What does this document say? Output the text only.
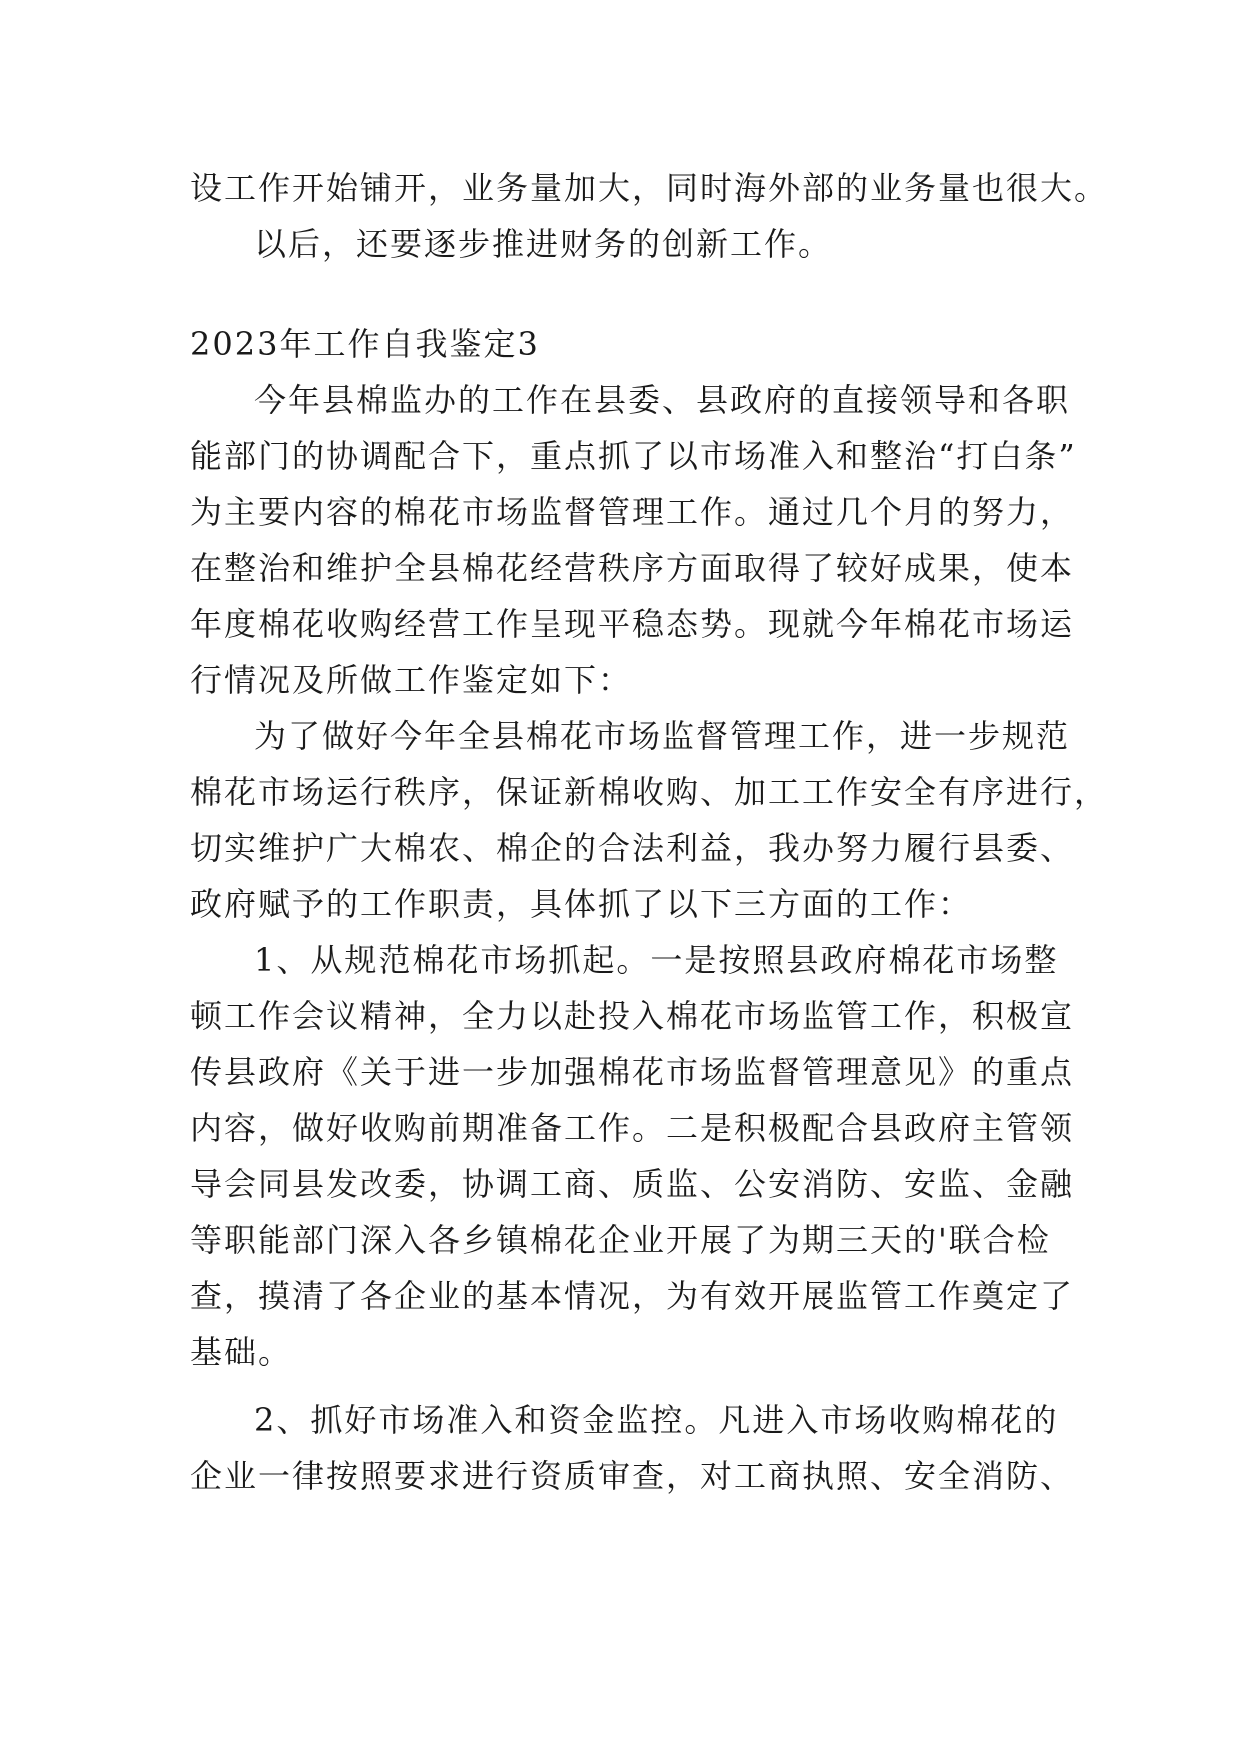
设工作开始铺开，业务量加大，同时海外部的业务量也很大。
以后，还要逐步推进财务的创新工作。
2023年工作自我鉴定3
今年县棉监办的工作在县委、县政府的直接领导和各职
能部门的协调配合下，重点抓了以市场准入和整治“打白条”
为主要内容的棉花市场监督管理工作。通过几个月的努力，
在整治和维护全县棉花经营秩序方面取得了较好成果，使本
年度棉花收购经营工作呈现平稳态势。现就今年棉花市场运
行情况及所做工作鉴定如下：
为了做好今年全县棉花市场监督管理工作，进一步规范
棉花市场运行秩序，保证新棉收购、加工工作安全有序进行，
切实维护广大棉农、棉企的合法利益，我办努力履行县委、
政府赋予的工作职责，具体抓了以下三方面的工作：
1、从规范棉花市场抓起。一是按照县政府棉花市场整
顿工作会议精神，全力以赴投入棉花市场监管工作，积极宣
传县政府《关于进一步加强棉花市场监督管理意见》的重点
内容，做好收购前期准备工作。二是积极配合县政府主管领
导会同县发改委，协调工商、质监、公安消防、安监、金融
等职能部门深入各乡镇棉花企业开展了为期三天的'联合检
查，摸清了各企业的基本情况，为有效开展监管工作奠定了
基础。
2、抓好市场准入和资金监控。凡进入市场收购棉花的
企业一律按照要求进行资质审查，对工商执照、安全消防、
